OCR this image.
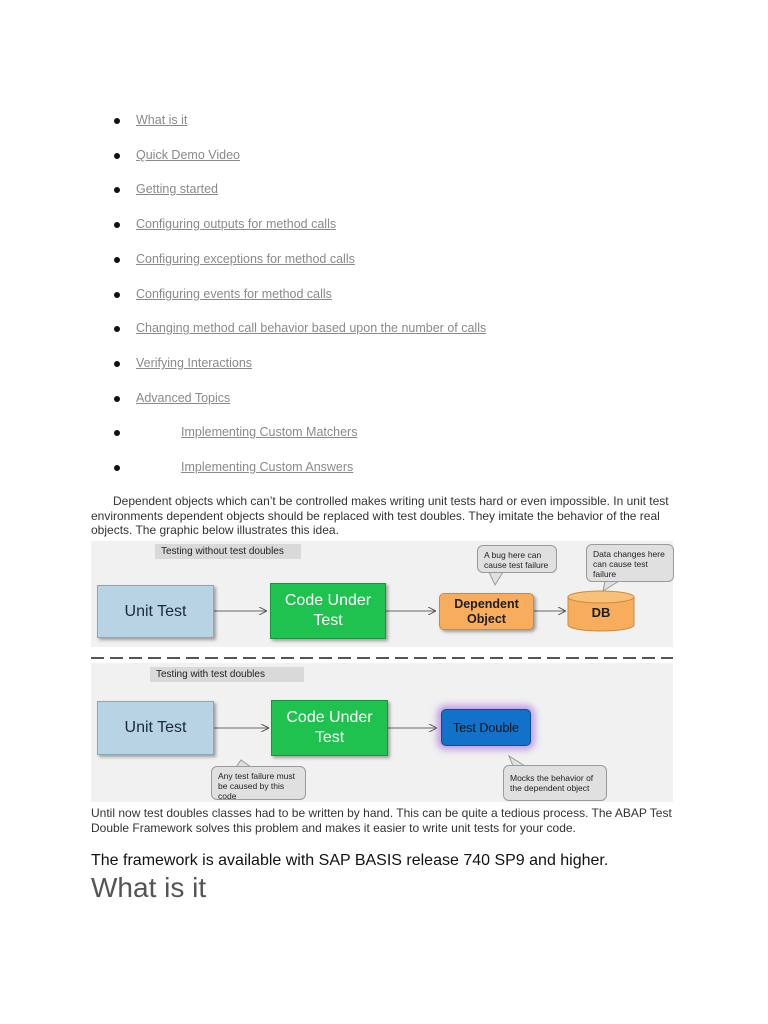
What is it
Quick Demo Video
Getting started
Configuring outputs for method calls
Configuring exceptions for method calls
Configuring events for method calls
Changing method call behavior based upon the number of calls
Verifying Interactions
Advanced Topics
Implementing Custom Matchers
Implementing Custom Answers
Dependent objects which can’t be controlled makes writing unit tests hard or even impossible. In unit test environments dependent objects should be replaced with test doubles. They imitate the behavior of the real objects. The graphic below illustrates this idea.
Testing without test doubles
Unit Test
Code Under Test
Dependent Object	DB
A bug here can cause test failure
Data changes here can cause test failure
Testing with test doubles
Unit Test
Code Under Test
Test Double
Any test failure must be caused by this code
Mocks the behavior of the dependent object
Until now test doubles classes had to be written by hand. This can be quite a tedious process. The ABAP Test Double Framework solves this problem and makes it easier to write unit tests for your code.
The framework is available with SAP BASIS release 740 SP9 and higher.
What is it
